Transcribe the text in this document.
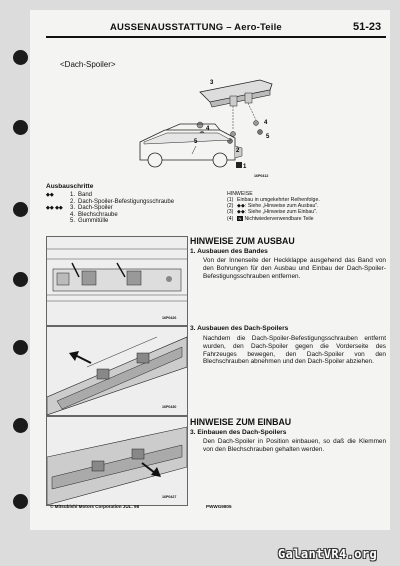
AUSSENAUSSTATTUNG – Aero-Teile	51-23
<Dach-Spoiler>
3
4
4
5
5
2
1
16P0412
Ausbauschritte
◆◆	1. Band
2. Dach-Spoiler-Befestigungsschraube
◆◆ ◆◆ 3. Dach-Spoiler
4. Blechschraube
5. Gummitülle
HINWEISE
(1) Einbau in umgekehrter Reihenfolge.
(2) ◆◆: Siehe „Hinweise zum Ausbau".
(3) ◆◆: Siehe „Hinweise zum Einbau".
(4) N Nichtwiederverwendbare Teile
16P0426
16P0430
16P0427
HINWEISE ZUM AUSBAU
1. Ausbauen des Bandes
Von der Innenseite der Heckklappe ausgehend das Band von den Bohrungen für den Ausbau und Einbau der Dach-Spoiler-Befestigungsschrauben entfernen.
3. Ausbauen des Dach-Spoilers
Nachdem die Dach-Spoiler-Befestigungsschrauben entfernt wurden, den Dach-Spoiler gegen die Vorderseite des Fahrzeuges bewegen, den Dach-Spoiler von den Blechschrauben abnehmen und den Dach-Spoiler abziehen.
HINWEISE ZUM EINBAU
3. Einbauen des Dach-Spoilers
Den Dach-Spoiler in Position einbauen, so daß die Klemmen von den Blechschrauben gehalten werden.
© Mitsubishi Motors Corporation JUL. 98	PWWG9805
GalantVR4.org
